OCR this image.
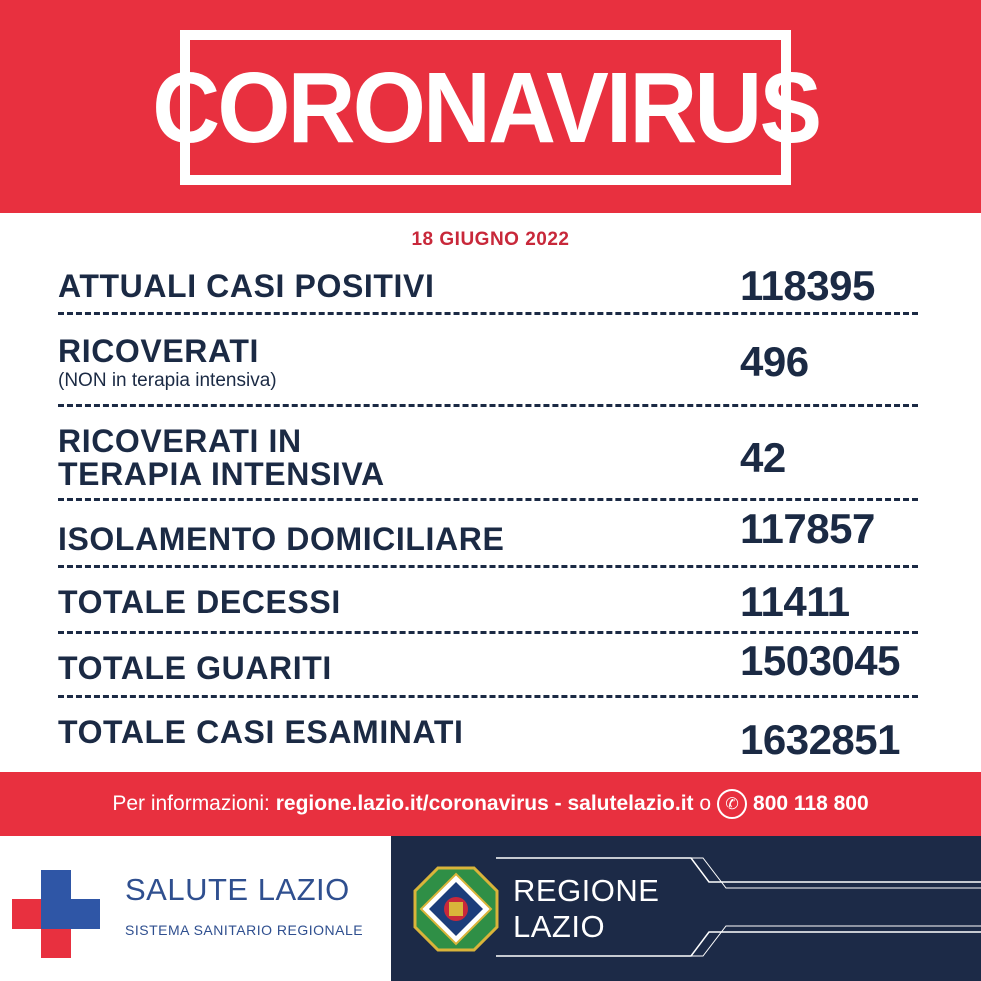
CORONAVIRUS
18 GIUGNO 2022
ATTUALI CASI POSITIVI	118395
RICOVERATI
(NON in terapia intensiva)	496
RICOVERATI IN
TERAPIA INTENSIVA	42
ISOLAMENTO DOMICILIARE	117857
TOTALE DECESSI	11411
TOTALE GUARITI	1503045
TOTALE CASI ESAMINATI	1632851
Per informazioni:
regione.lazio.it/coronavirus
-
salutelazio.it
o ✆ 800 118 800
SALUTE LAZIO
SISTEMA SANITARIO REGIONALE
REGIONE
LAZIO
